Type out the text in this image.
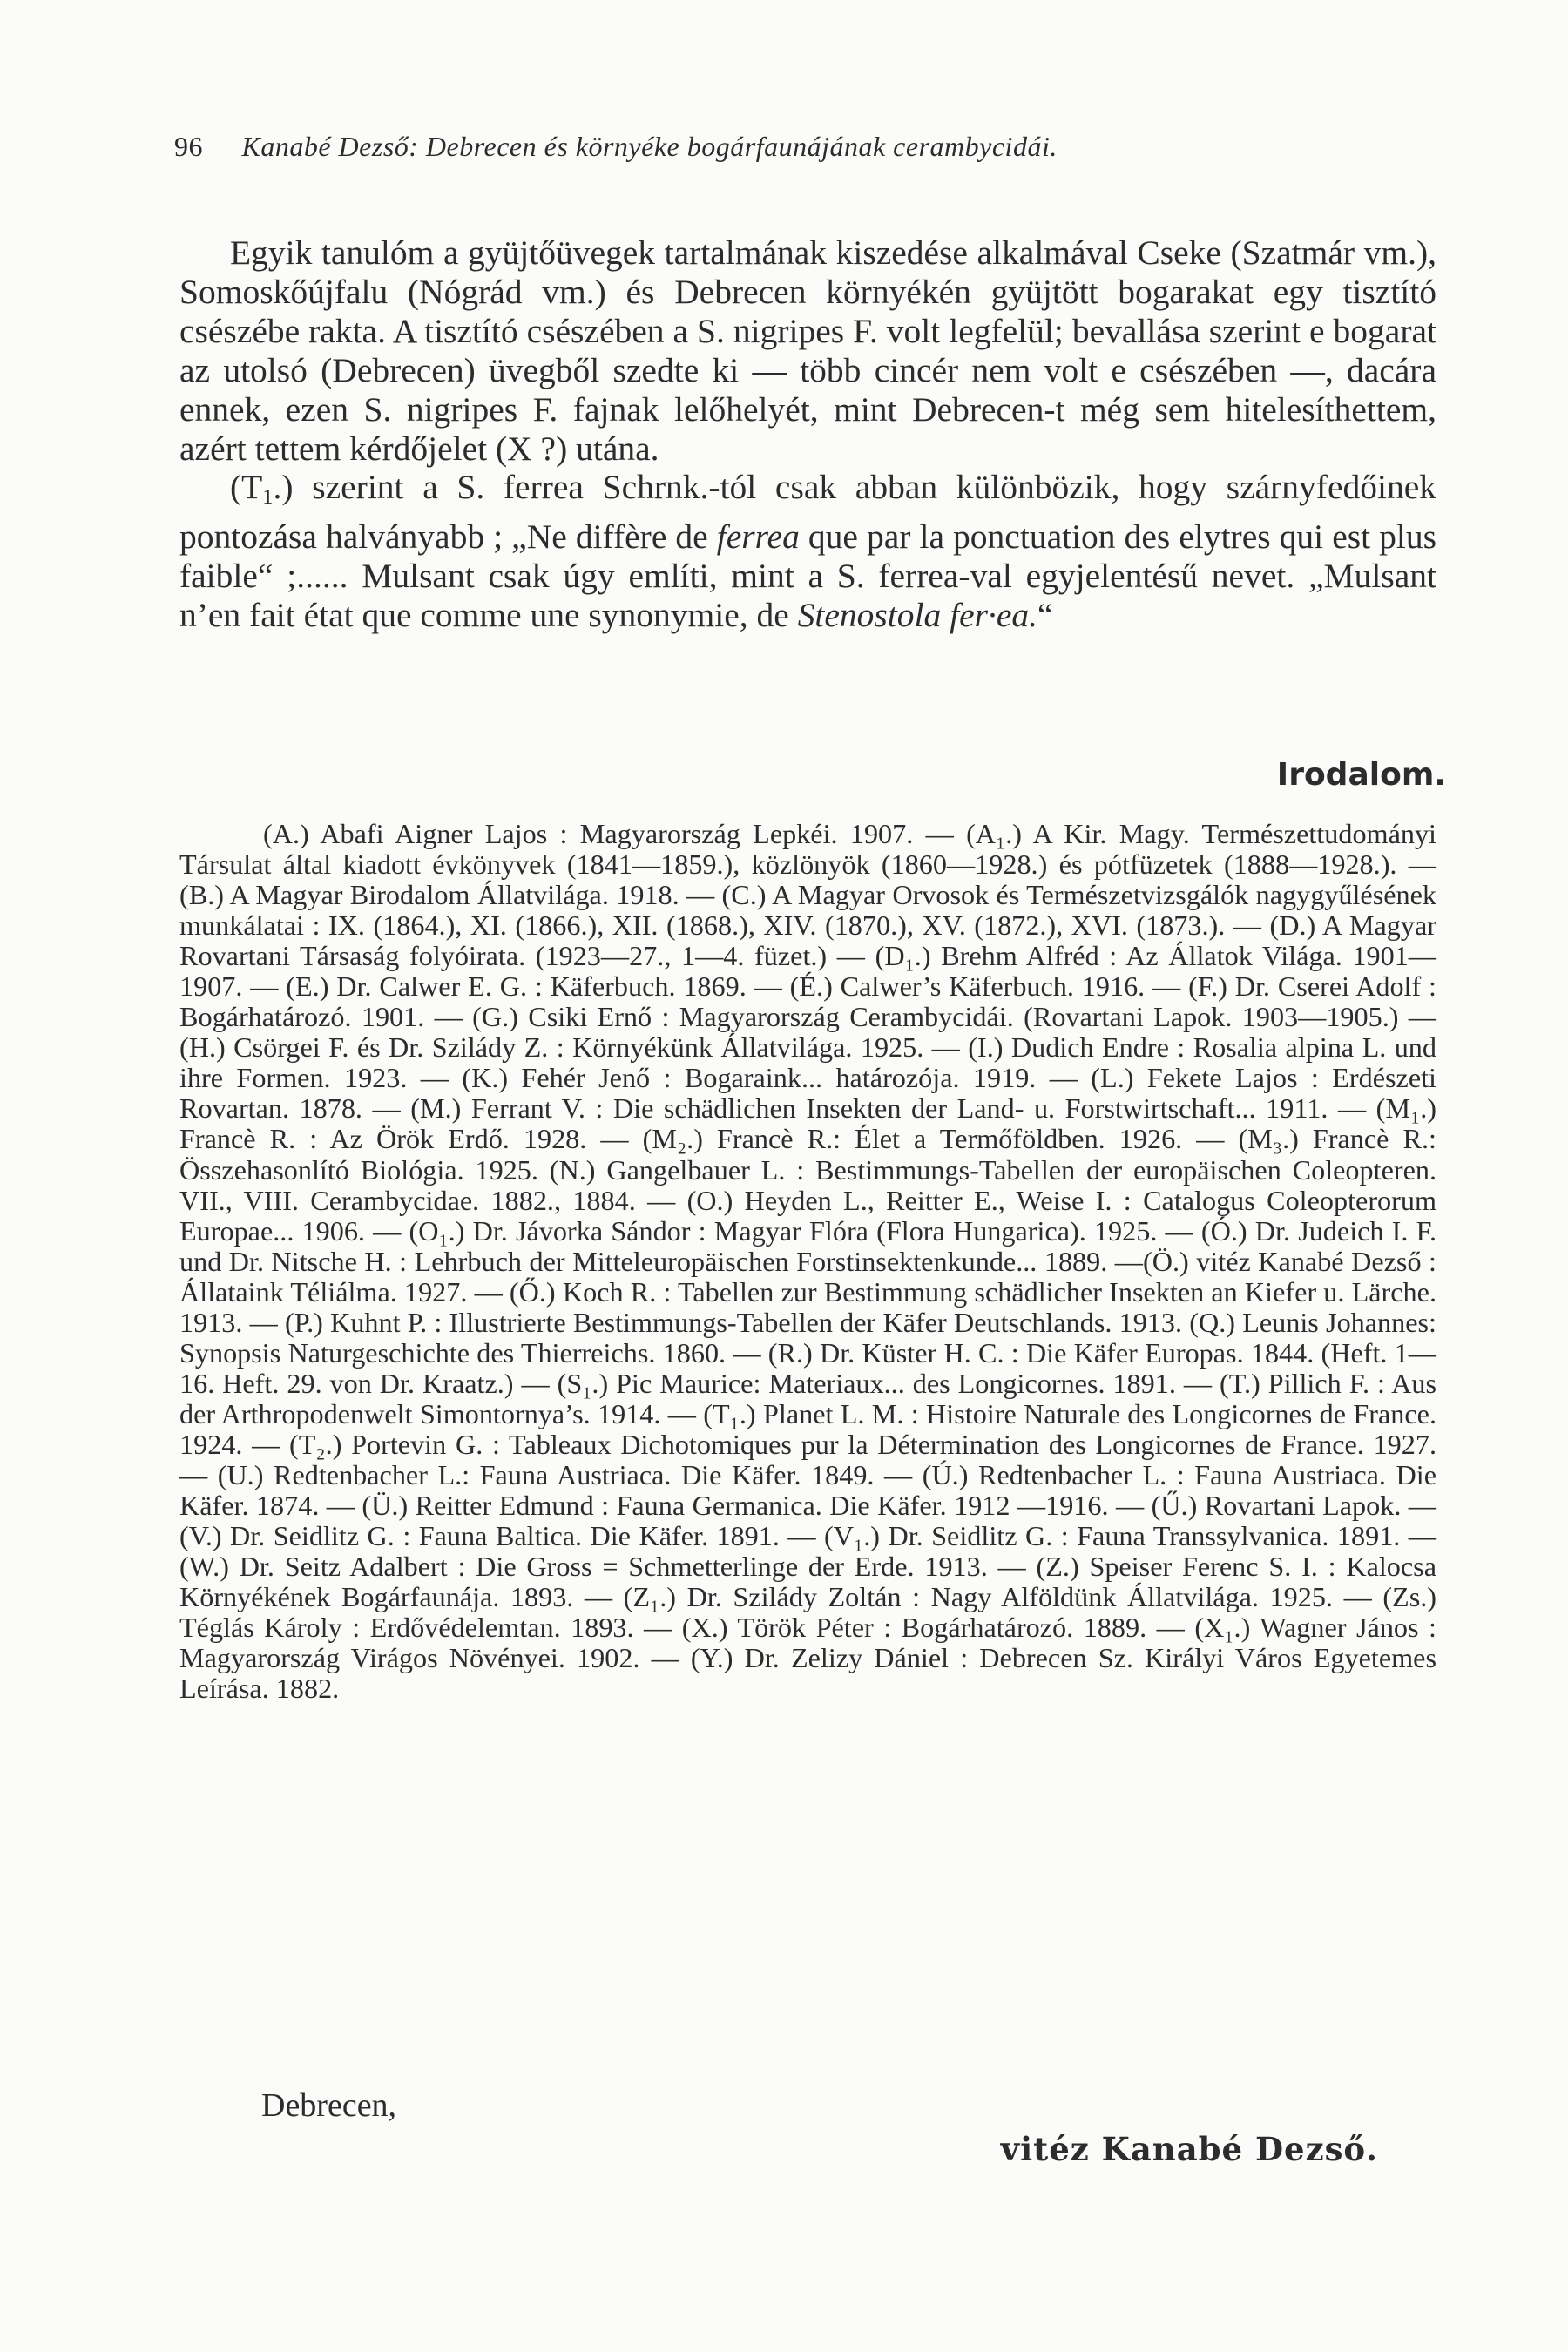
96 Kanabé Dezső: Debrecen és környéke bogárfaunájának cerambycidái.

Egyik tanulóm a gyüjtőüvegek tartalmának kiszedése alkalmával Cseke (Szatmár vm.), Somoskőújfalu (Nógrád vm.) és Debrecen környékén gyüjtött bogarakat egy tisztító csészébe rakta. A tisztító csészében a S. nigripes F. volt legfelül; bevallása szerint e bogarat az utolsó (Debrecen) üvegből szedte ki — több cincér nem volt e csészében —, dacára ennek, ezen S. nigripes F. fajnak lelőhelyét, mint Debrecen-t még sem hitelesíthettem, azért tettem kérdőjelet (X ?) utána.

$(T_1.)$ szerint a S. ferrea Schrnk.-tól csak abban különbözik, hogy szárnyfedőinek pontozása halványabb ; „Ne diffère de ferrea que par la ponctuation des elytres qui est plus faible“ ;...... Mulsant csak úgy említi, mint a S. ferrea-val egyjelentésű nevet. „Mulsant n’en fait état que comme une synonymie, de Stenostola fer·ea.“

Irodalom.
(A.) Abafi Aigner Lajos : Magyarország Lepkéi. 1907. — (A₁.) A Kir. Magy. Természettudományi Társulat által kiadott évkönyvek (1841—1859.), közlönyök (1860—1928.) és pótfüzetek (1888—1928.). — (B.) A Magyar Birodalom Állatvilága. 1918. — (C.) A Magyar Orvosok és Természetvizsgálók nagygyűlésének munkálatai : IX. (1864.), XI. (1866.), XII. (1868.), XIV. (1870.), XV. (1872.), XVI. (1873.). — (D.) A Magyar Rovartani Társaság folyóirata. (1923—27., 1—4. füzet.) — (D₁.) Brehm Alfréd : Az Állatok Világa. 1901—1907. — (E.) Dr. Calwer E. G. : Käferbuch. 1869. — (É.) Calwer’s Käferbuch. 1916. — (F.) Dr. Cserei Adolf : Bogárhatározó. 1901. — (G.) Csiki Ernő : Magyarország Cerambycidái. (Rovartani Lapok. 1903—1905.) — (H.) Csörgei F. és Dr. Szilády Z. : Környékünk Állatvilága. 1925. — (I.) Dudich Endre : Rosalia alpina L. und ihre Formen. 1923. — (K.) Fehér Jenő : Bogaraink... határozója. 1919. — (L.) Fekete Lajos : Erdészeti Rovartan. 1878. — (M.) Ferrant V. : Die schädlichen Insekten der Land- u. Forstwirtschaft... 1911. — (M₁.) Francè R. : Az Örök Erdő. 1928. — (M₂.) Francè R.: Élet a Termőföldben. 1926. — (M₃.) Francè R.: Összehasonlító Biológia. 1925. (N.) Gangelbauer L. : Bestimmungs-Tabellen der europäischen Coleopteren. VII., VIII. Cerambycidae. 1882., 1884. — (O.) Heyden L., Reitter E., Weise I. : Catalogus Coleopterorum Europae... 1906. — (O₁.) Dr. Jávorka Sándor : Magyar Flóra (Flora Hungarica). 1925. — (Ó.) Dr. Judeich I. F. und Dr. Nitsche H. : Lehrbuch der Mitteleuropäischen Forstinsektenkunde... 1889. —(Ö.) vitéz Kanabé Dezső : Állataink Téliálma. 1927. — (Ő.) Koch R. : Tabellen zur Bestimmung schädlicher Insekten an Kiefer u. Lärche. 1913. — (P.) Kuhnt P. : Illustrierte Bestimmungs-Tabellen der Käfer Deutschlands. 1913. (Q.) Leunis Johannes: Synopsis Naturgeschichte des Thierreichs. 1860. — (R.) Dr. Küster H. C. : Die Käfer Europas. 1844. (Heft. 1—16. Heft. 29. von Dr. Kraatz.) — (S₁.) Pic Maurice: Materiaux... des Longicornes. 1891. — (T.) Pillich F. : Aus der Arthropodenwelt Simontornya’s. 1914. — (T₁.) Planet L. M. : Histoire Naturale des Longicornes de France. 1924. — (T₂.) Portevin G. : Tableaux Dichotomiques pur la Détermination des Longicornes de France. 1927. — (U.) Redtenbacher L.: Fauna Austriaca. Die Käfer. 1849. — (Ú.) Redtenbacher L. : Fauna Austriaca. Die Käfer. 1874. — (Ü.) Reitter Edmund : Fauna Germanica. Die Käfer. 1912 —1916. — (Ű.) Rovartani Lapok. — (V.) Dr. Seidlitz G. : Fauna Baltica. Die Käfer. 1891. — (V₁.) Dr. Seidlitz G. : Fauna Transsylvanica. 1891. — (W.) Dr. Seitz Adalbert : Die Gross = Schmetterlinge der Erde. 1913. — (Z.) Speiser Ferenc S. I. : Kalocsa Környékének Bogárfaunája. 1893. — (Z₁.) Dr. Szilády Zoltán : Nagy Alföldünk Állatvilága. 1925. — (Zs.) Téglás Károly : Erdővédelemtan. 1893. — (X.) Török Péter : Bogárhatározó. 1889. — (X₁.) Wagner János : Magyarország Virágos Növényei. 1902. — (Y.) Dr. Zelizy Dániel : Debrecen Sz. Királyi Város Egyetemes Leírása. 1882.
Debrecen,
vitéz Kanabé Dezső.
